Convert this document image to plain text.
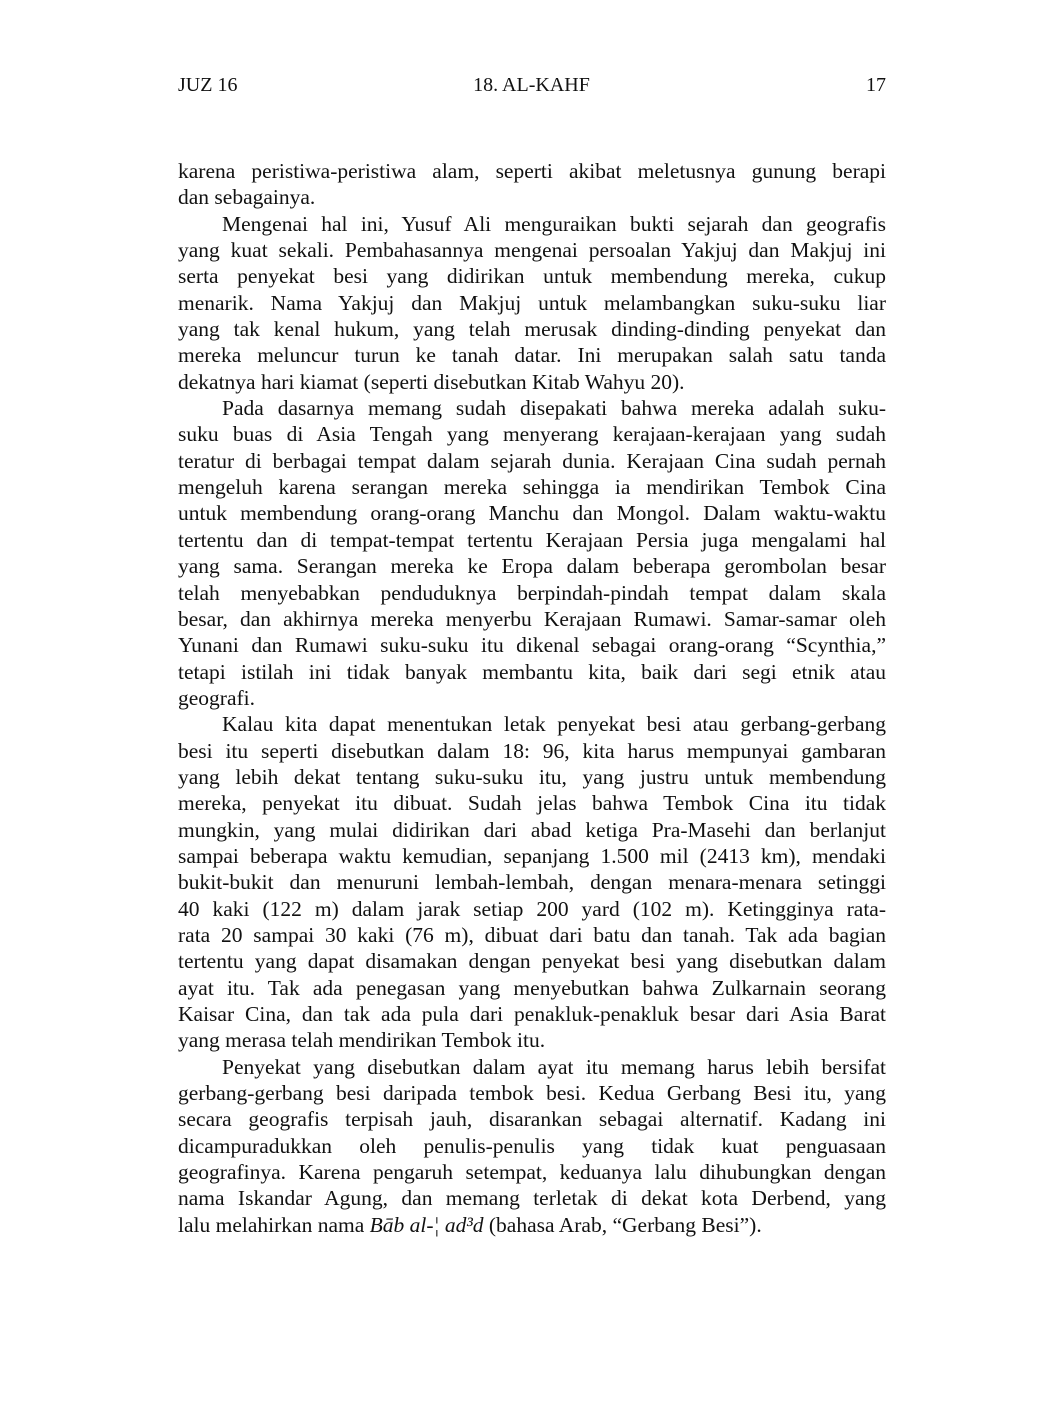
JUZ 16	18. AL-KAHF	17
karena peristiwa-peristiwa alam, seperti akibat meletusnya gunung berapi
dan sebagainya.
Mengenai hal ini, Yusuf Ali menguraikan bukti sejarah dan geografis
yang kuat sekali. Pembahasannya mengenai persoalan Yakjuj dan Makjuj ini
serta penyekat besi yang didirikan untuk membendung mereka, cukup
menarik. Nama Yakjuj dan Makjuj untuk melambangkan suku-suku liar
yang tak kenal hukum, yang telah merusak dinding-dinding penyekat dan
mereka meluncur turun ke tanah datar. Ini merupakan salah satu tanda
dekatnya hari kiamat (seperti disebutkan Kitab Wahyu 20).
Pada dasarnya memang sudah disepakati bahwa mereka adalah suku-
suku buas di Asia Tengah yang menyerang kerajaan-kerajaan yang sudah
teratur di berbagai tempat dalam sejarah dunia. Kerajaan Cina sudah pernah
mengeluh karena serangan mereka sehingga ia mendirikan Tembok Cina
untuk membendung orang-orang Manchu dan Mongol. Dalam waktu-waktu
tertentu dan di tempat-tempat tertentu Kerajaan Persia juga mengalami hal
yang sama. Serangan mereka ke Eropa dalam beberapa gerombolan besar
telah menyebabkan penduduknya berpindah-pindah tempat dalam skala
besar, dan akhirnya mereka menyerbu Kerajaan Rumawi. Samar-samar oleh
Yunani dan Rumawi suku-suku itu dikenal sebagai orang-orang “Scynthia,”
tetapi istilah ini tidak banyak membantu kita, baik dari segi etnik atau
geografi.
Kalau kita dapat menentukan letak penyekat besi atau gerbang-gerbang
besi itu seperti disebutkan dalam 18: 96, kita harus mempunyai gambaran
yang lebih dekat tentang suku-suku itu, yang justru untuk membendung
mereka, penyekat itu dibuat. Sudah jelas bahwa Tembok Cina itu tidak
mungkin, yang mulai didirikan dari abad ketiga Pra-Masehi dan berlanjut
sampai beberapa waktu kemudian, sepanjang 1.500 mil (2413 km), mendaki
bukit-bukit dan menuruni lembah-lembah, dengan menara-menara setinggi
40 kaki (122 m) dalam jarak setiap 200 yard (102 m). Ketingginya rata-
rata 20 sampai 30 kaki (76 m), dibuat dari batu dan tanah. Tak ada bagian
tertentu yang dapat disamakan dengan penyekat besi yang disebutkan dalam
ayat itu. Tak ada penegasan yang menyebutkan bahwa Zulkarnain seorang
Kaisar Cina, dan tak ada pula dari penakluk-penakluk besar dari Asia Barat
yang merasa telah mendirikan Tembok itu.
Penyekat yang disebutkan dalam ayat itu memang harus lebih bersifat
gerbang-gerbang besi daripada tembok besi. Kedua Gerbang Besi itu, yang
secara geografis terpisah jauh, disarankan sebagai alternatif. Kadang ini
dicampuradukkan oleh penulis-penulis yang tidak kuat penguasaan
geografinya. Karena pengaruh setempat, keduanya lalu dihubungkan dengan
nama Iskandar Agung, dan memang terletak di dekat kota Derbend, yang
lalu melahirkan nama Bāb al-¦ ad³d (bahasa Arab, “Gerbang Besi”).
